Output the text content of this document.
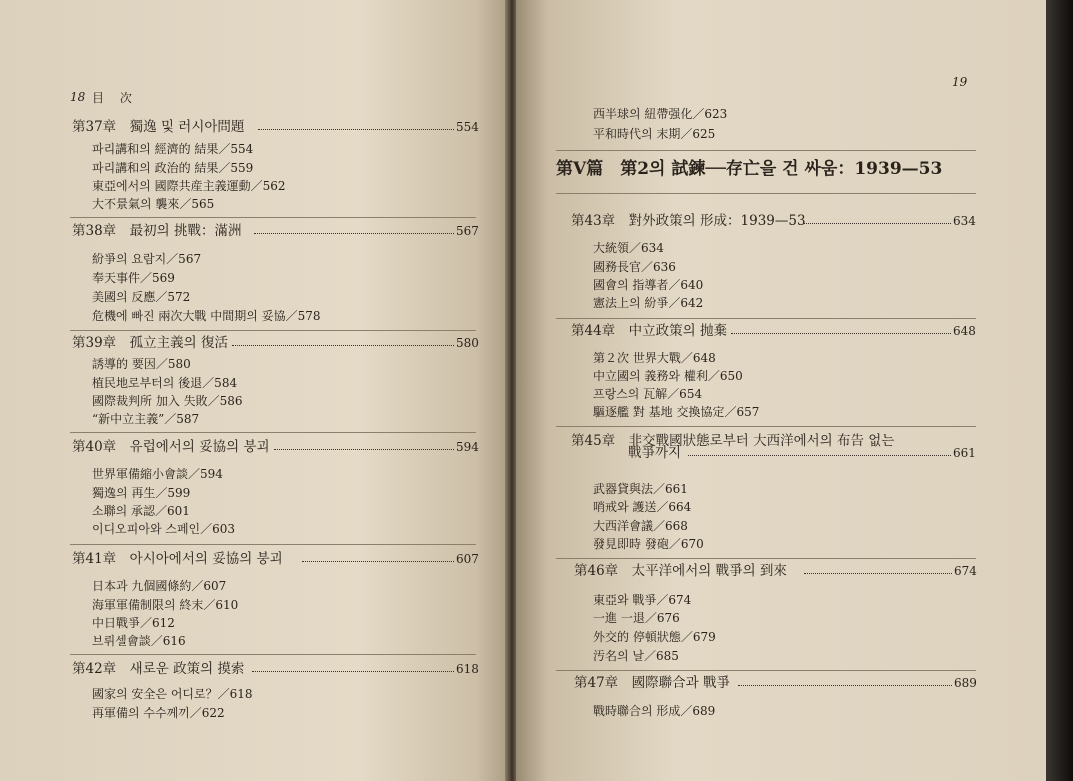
18 目 次
第37章　獨逸 및 러시아問題	554
파리講和의 經濟的 結果／554
파리講和의 政治的 結果／559
東亞에서의 國際共産主義運動／562
大不景氣의 襲來／565
第38章　最初의 挑戰：滿洲	567
紛爭의 요람지／567
奉天事件／569
美國의 反應／572
危機에 빠진 兩次大戰 中間期의 妥協／578
第39章　孤立主義의 復活	580
誘導的 要因／580
植民地로부터의 後退／584
國際裁判所 加入 失敗／586
“新中立主義”／587
第40章　유럽에서의 妥協의 붕괴	594
世界軍備縮小會談／594
獨逸의 再生／599
소聯의 承認／601
이디오피아와 스페인／603
第41章　아시아에서의 妥協의 붕괴	607
日本과 九個國條約／607
海軍軍備制限의 終末／610
中日戰爭／612
브뤼셀會談／616
第42章　새로운 政策의 摸索	618
國家의 安全은 어디로？／618
再軍備의 수수께끼／622
19
西半球의 紐帶强化／623
平和時代의 末期／625
第Ⅴ篇　第2의 試鍊──存亡을 건 싸움：1939—53
第43章　對外政策의 形成：1939—53	634
大統領／634
國務長官／636
國會의 指導者／640
憲法上의 紛爭／642
第44章　中立政策의 抛棄	648
第２次 世界大戰／648
中立國의 義務와 權利／650
프랑스의 瓦解／654
驅逐艦 對 基地 交換協定／657
第45章　非交戰國狀態로부터 大西洋에서의 布告 없는
戰爭까지	661
武器貸與法／661
哨戒와 護送／664
大西洋會議／668
發見即時 發砲／670
第46章　太平洋에서의 戰爭의 到來	674
東亞와 戰爭／674
一進 一退／676
外交的 停頓狀態／679
汚名의 날／685
第47章　國際聯合과 戰爭	689
戰時聯合의 形成／689
